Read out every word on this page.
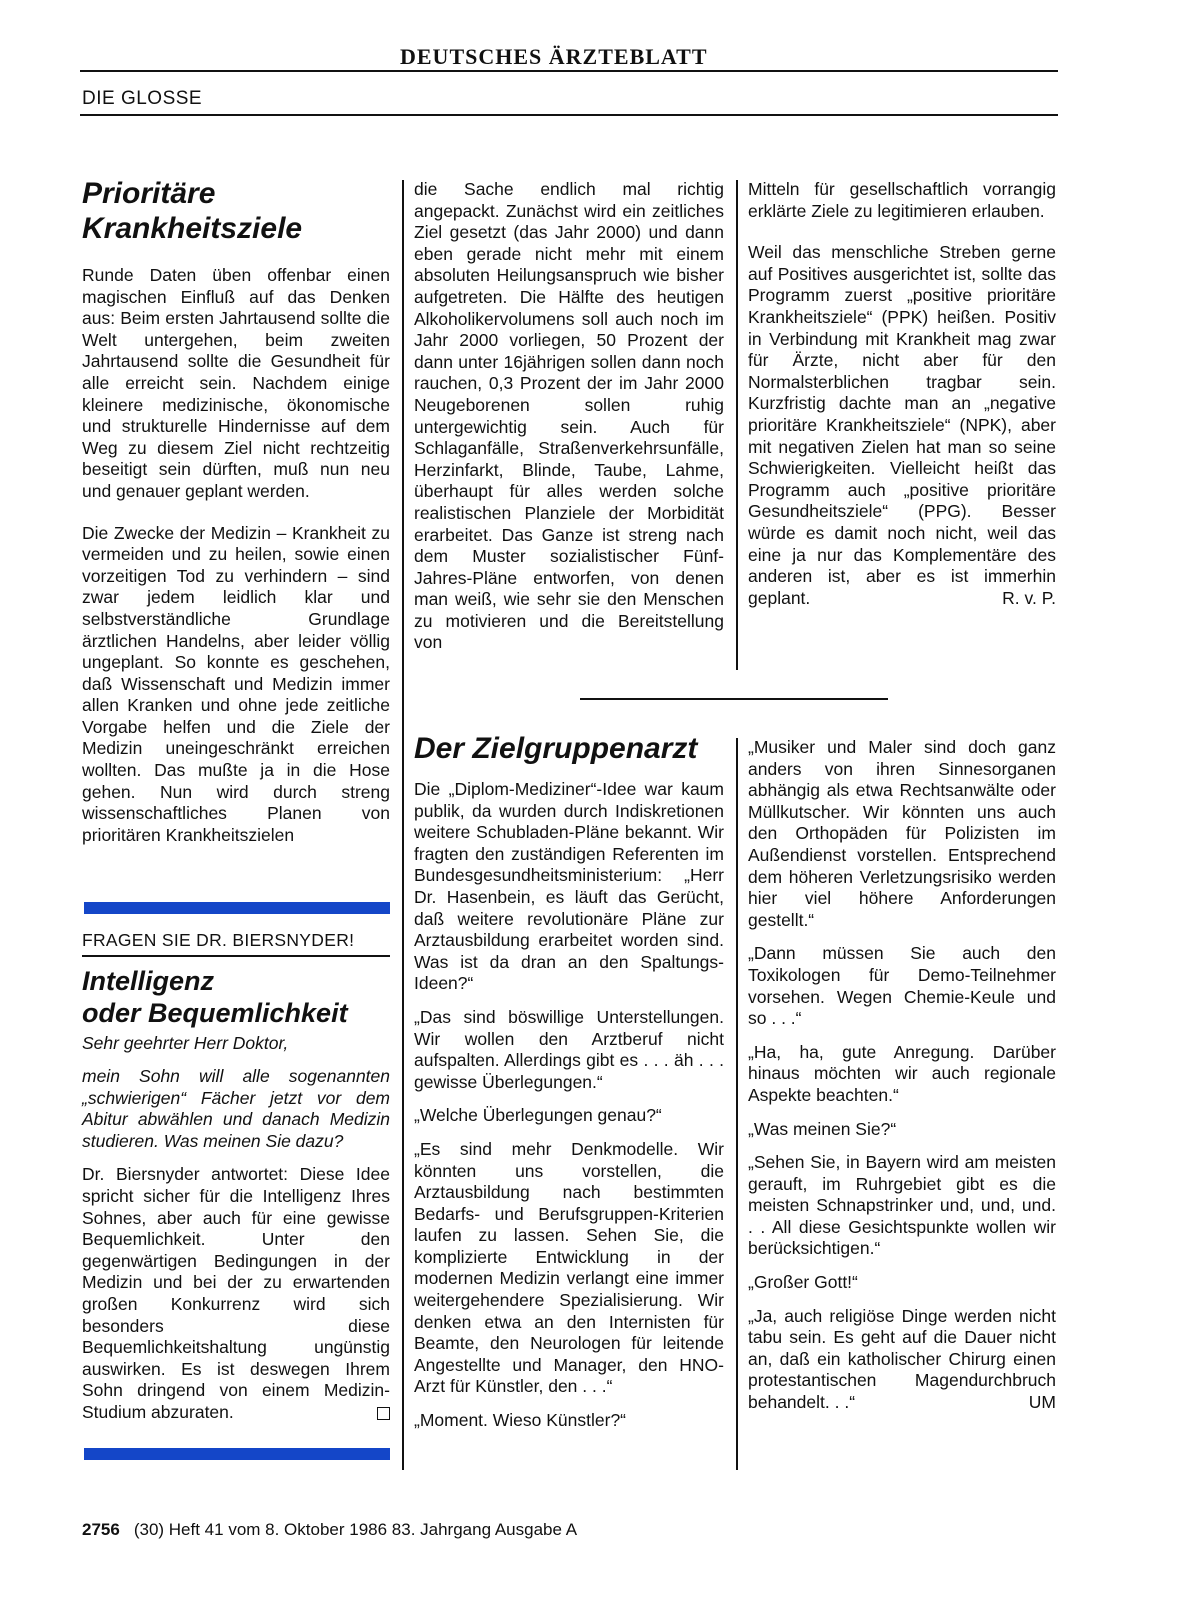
DEUTSCHES ÄRZTEBLATT
DIE GLOSSE
Prioritäre
Krankheitsziele

Runde Daten üben offenbar einen magischen Einfluß auf das Denken aus: Beim ersten Jahrtausend sollte die Welt untergehen, beim zweiten Jahrtausend sollte die Gesundheit für alle erreicht sein. Nachdem einige kleinere medizinische, ökonomische und strukturelle Hindernisse auf dem Weg zu diesem Ziel nicht rechtzeitig beseitigt sein dürften, muß nun neu und genauer geplant werden.

Die Zwecke der Medizin – Krankheit zu vermeiden und zu heilen, sowie einen vorzeitigen Tod zu verhindern – sind zwar jedem leidlich klar und selbstverständliche Grundlage ärztlichen Handelns, aber leider völlig ungeplant. So konnte es geschehen, daß Wissenschaft und Medizin immer allen Kranken und ohne jede zeitliche Vorgabe helfen und die Ziele der Medizin uneingeschränkt erreichen wollten. Das mußte ja in die Hose gehen. Nun wird durch streng wissenschaftliches Planen von prioritären Krankheitszielen

die Sache endlich mal richtig angepackt. Zunächst wird ein zeitliches Ziel gesetzt (das Jahr 2000) und dann eben gerade nicht mehr mit einem absoluten Heilungsanspruch wie bisher aufgetreten. Die Hälfte des heutigen Alkoholikervolumens soll auch noch im Jahr 2000 vorliegen, 50 Prozent der dann unter 16jährigen sollen dann noch rauchen, 0,3 Prozent der im Jahr 2000 Neugeborenen sollen ruhig untergewichtig sein. Auch für Schlaganfälle, Straßenverkehrsunfälle, Herzinfarkt, Blinde, Taube, Lahme, überhaupt für alles werden solche realistischen Planziele der Morbidität erarbeitet. Das Ganze ist streng nach dem Muster sozialistischer Fünf-Jahres-Pläne entworfen, von denen man weiß, wie sehr sie den Menschen zu motivieren und die Bereitstellung von

Mitteln für gesellschaftlich vorrangig erklärte Ziele zu legitimieren erlauben.

Weil das menschliche Streben gerne auf Positives ausgerichtet ist, sollte das Programm zuerst „positive prioritäre Krankheitsziele“ (PPK) heißen. Positiv in Verbindung mit Krankheit mag zwar für Ärzte, nicht aber für den Normalsterblichen tragbar sein. Kurzfristig dachte man an „negative prioritäre Krankheitsziele“ (NPK), aber mit negativen Zielen hat man so seine Schwierigkeiten. Vielleicht heißt das Programm auch „positive prioritäre Gesundheitsziele“ (PPG). Besser würde es damit noch nicht, weil das eine ja nur das Komplementäre des anderen ist, aber es ist immerhin geplant.	R. v. P.

FRAGEN SIE DR. BIERSNYDER!
Intelligenz
oder Bequemlichkeit

Sehr geehrter Herr Doktor,

mein Sohn will alle sogenannten „schwierigen“ Fächer jetzt vor dem Abitur abwählen und danach Medizin studieren. Was meinen Sie dazu?

Dr. Biersnyder antwortet: Diese Idee spricht sicher für die Intelligenz Ihres Sohnes, aber auch für eine gewisse Bequemlichkeit. Unter den gegenwärtigen Bedingungen in der Medizin und bei der zu erwartenden großen Konkurrenz wird sich besonders diese Bequemlichkeitshaltung ungünstig auswirken. Es ist deswegen Ihrem Sohn dringend von einem Medizin-Studium abzuraten.

Der Zielgruppenarzt

Die „Diplom-Mediziner“-Idee war kaum publik, da wurden durch Indiskretionen weitere Schubladen-Pläne bekannt. Wir fragten den zuständigen Referenten im Bundesgesundheitsministerium: „Herr Dr. Hasenbein, es läuft das Gerücht, daß weitere revolutionäre Pläne zur Arztausbildung erarbeitet worden sind. Was ist da dran an den Spaltungs-Ideen?“

„Das sind böswillige Unterstellungen. Wir wollen den Arztberuf nicht aufspalten. Allerdings gibt es . . . äh . . . gewisse Überlegungen.“

„Welche Überlegungen genau?“

„Es sind mehr Denkmodelle. Wir könnten uns vorstellen, die Arztausbildung nach bestimmten Bedarfs- und Berufsgruppen-Kriterien laufen zu lassen. Sehen Sie, die komplizierte Entwicklung in der modernen Medizin verlangt eine immer weitergehendere Spezialisierung. Wir denken etwa an den Internisten für Beamte, den Neurologen für leitende Angestellte und Manager, den HNO-Arzt für Künstler, den . . .“

„Moment. Wieso Künstler?“

„Musiker und Maler sind doch ganz anders von ihren Sinnesorganen abhängig als etwa Rechtsanwälte oder Müllkutscher. Wir könnten uns auch den Orthopäden für Polizisten im Außendienst vorstellen. Entsprechend dem höheren Verletzungsrisiko werden hier viel höhere Anforderungen gestellt.“

„Dann müssen Sie auch den Toxikologen für Demo-Teilnehmer vorsehen. Wegen Chemie-Keule und so . . .“

„Ha, ha, gute Anregung. Darüber hinaus möchten wir auch regionale Aspekte beachten.“

„Was meinen Sie?“

„Sehen Sie, in Bayern wird am meisten gerauft, im Ruhrgebiet gibt es die meisten Schnapstrinker und, und, und. . . All diese Gesichtspunkte wollen wir berücksichtigen.“

„Großer Gott!“

„Ja, auch religiöse Dinge werden nicht tabu sein. Es geht auf die Dauer nicht an, daß ein katholischer Chirurg einen protestantischen Magendurchbruch behandelt. . .“	UM

2756 (30) Heft 41 vom 8. Oktober 1986 83. Jahrgang Ausgabe A
